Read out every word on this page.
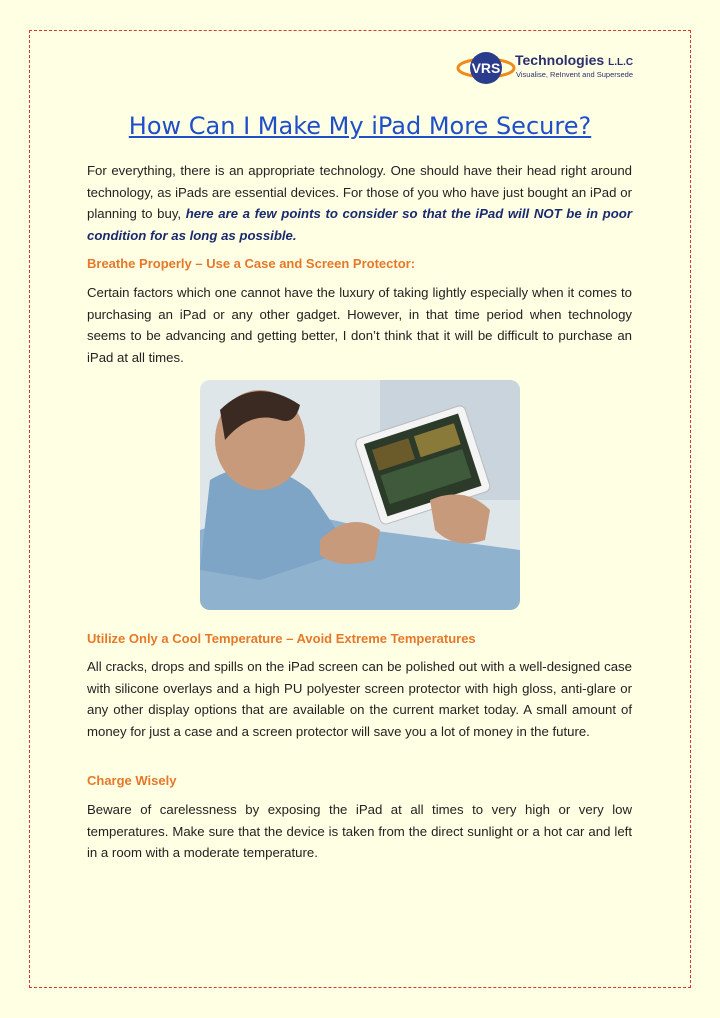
VRS Technologies L.L.C
Visualise, ReInvent and Supersede
How Can I Make My iPad More Secure?
For everything, there is an appropriate technology. One should have their head right around technology, as iPads are essential devices. For those of you who have just bought an iPad or planning to buy, here are a few points to consider so that the iPad will NOT be in poor condition for as long as possible.
Breathe Properly – Use a Case and Screen Protector:
Certain factors which one cannot have the luxury of taking lightly especially when it comes to purchasing an iPad or any other gadget. However, in that time period when technology seems to be advancing and getting better, I don’t think that it will be difficult to purchase an iPad at all times.
Utilize Only a Cool Temperature – Avoid Extreme Temperatures
All cracks, drops and spills on the iPad screen can be polished out with a well-designed case with silicone overlays and a high PU polyester screen protector with high gloss, anti-glare or any other display options that are available on the current market today. A small amount of money for just a case and a screen protector will save you a lot of money in the future.
Charge Wisely
Beware of carelessness by exposing the iPad at all times to very high or very low temperatures. Make sure that the device is taken from the direct sunlight or a hot car and left in a room with a moderate temperature.
